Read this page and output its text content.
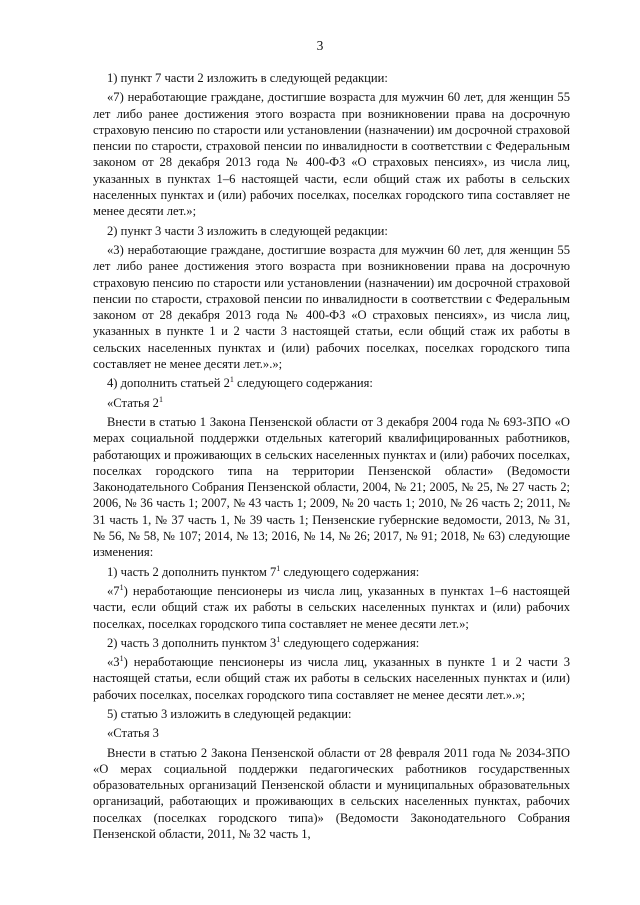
3

1) пункт 7 части 2 изложить в следующей редакции:

«7) неработающие граждане, достигшие возраста для мужчин 60 лет, для женщин 55 лет либо ранее достижения этого возраста при возникновении права на досрочную страховую пенсию по старости или установлении (назначении) им досрочной страховой пенсии по старости, страховой пенсии по инвалидности в соответствии с Федеральным законом от 28 декабря 2013 года № 400-ФЗ «О страховых пенсиях», из числа лиц, указанных в пунктах 1–6 настоящей части, если общий стаж их работы в сельских населенных пунктах и (или) рабочих поселках, поселках городского типа составляет не менее десяти лет.»;

2) пункт 3 части 3 изложить в следующей редакции:

«3) неработающие граждане, достигшие возраста для мужчин 60 лет, для женщин 55 лет либо ранее достижения этого возраста при возникновении права на досрочную страховую пенсию по старости или установлении (назначении) им досрочной страховой пенсии по старости, страховой пенсии по инвалидности в соответствии с Федеральным законом от 28 декабря 2013 года № 400-ФЗ «О страховых пенсиях», из числа лиц, указанных в пункте 1 и 2 части 3 настоящей статьи, если общий стаж их работы в сельских населенных пунктах и (или) рабочих поселках, поселках городского типа составляет не менее десяти лет.».»;

4) дополнить статьей $2^1$ следующего содержания:

«Статья $2^1$

Внести в статью 1 Закона Пензенской области от 3 декабря 2004 года № 693-ЗПО «О мерах социальной поддержки отдельных категорий квалифицированных работников, работающих и проживающих в сельских населенных пунктах и (или) рабочих поселках, поселках городского типа на территории Пензенской области» (Ведомости Законодательного Собрания Пензенской области, 2004, № 21; 2005, № 25, № 27 часть 2; 2006, № 36 часть 1; 2007, № 43 часть 1; 2009, № 20 часть 1; 2010, № 26 часть 2; 2011, № 31 часть 1, № 37 часть 1, № 39 часть 1; Пензенские губернские ведомости, 2013, № 31, № 56, № 58, № 107; 2014, № 13; 2016, № 14, № 26; 2017, № 91; 2018, № 63) следующие изменения:

1) часть 2 дополнить пунктом $7^1$ следующего содержания:

«$7^1$) неработающие пенсионеры из числа лиц, указанных в пунктах 1–6 настоящей части, если общий стаж их работы в сельских населенных пунктах и (или) рабочих поселках, поселках городского типа составляет не менее десяти лет.»;

2) часть 3 дополнить пунктом $3^1$ следующего содержания:

«$3^1$) неработающие пенсионеры из числа лиц, указанных в пункте 1 и 2 части 3 настоящей статьи, если общий стаж их работы в сельских населенных пунктах и (или) рабочих поселках, поселках городского типа составляет не менее десяти лет.».»;

5) статью 3 изложить в следующей редакции:

«Статья 3

Внести в статью 2 Закона Пензенской области от 28 февраля 2011 года № 2034-ЗПО «О мерах социальной поддержки педагогических работников государственных образовательных организаций Пензенской области и муниципальных образовательных организаций, работающих и проживающих в сельских населенных пунктах, рабочих поселках (поселках городского типа)» (Ведомости Законодательного Собрания Пензенской области, 2011, № 32 часть 1,
